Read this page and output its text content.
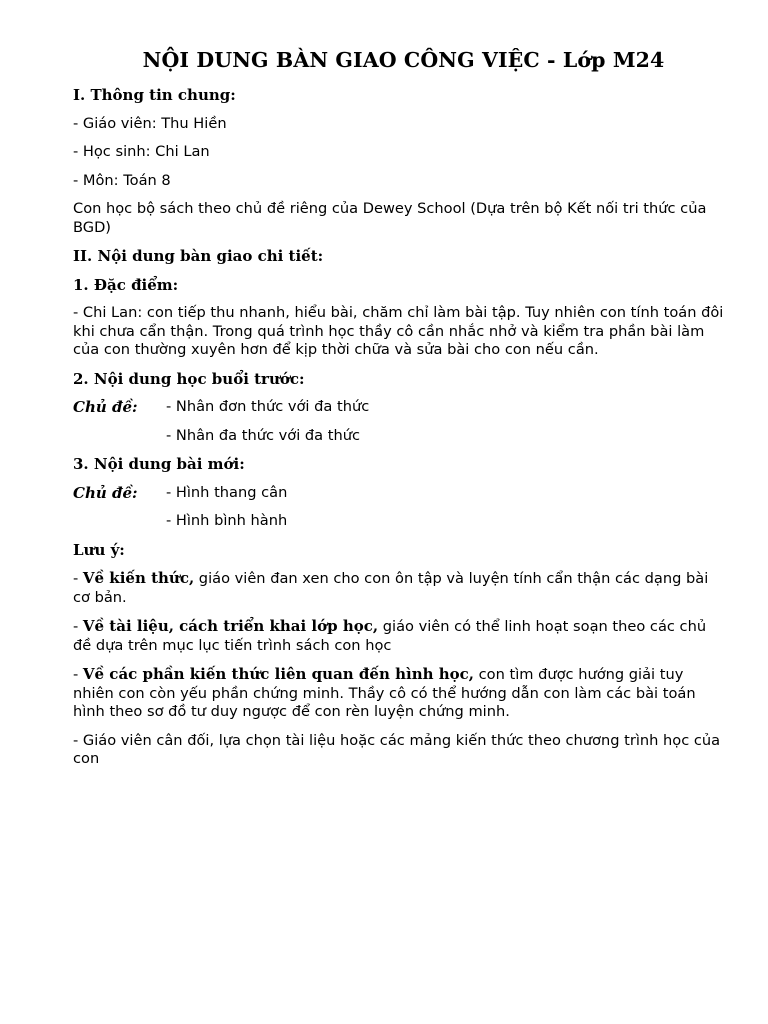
NỘI DUNG BÀN GIAO CÔNG VIỆC - Lớp M24
I. Thông tin chung:
- Giáo viên: Thu Hiền
- Học sinh: Chi Lan
- Môn: Toán 8
Con học bộ sách theo chủ đề riêng của Dewey School (Dựa trên bộ Kết nối tri thức của BGD)
II. Nội dung bàn giao chi tiết:
1. Đặc điểm:
- Chi Lan: con tiếp thu nhanh, hiểu bài, chăm chỉ làm bài tập. Tuy nhiên con tính toán đôi khi chưa cẩn thận. Trong quá trình học thầy cô cần nhắc nhở và kiểm tra phần bài làm của con thường xuyên hơn để kịp thời chữa và sửa bài cho con nếu cần.
2. Nội dung học buổi trước:
Chủ đề:	- Nhân đơn thức với đa thức
- Nhân đa thức với đa thức
3. Nội dung bài mới:
Chủ đề:	- Hình thang cân
- Hình bình hành
Lưu ý:
- Về kiến thức, giáo viên đan xen cho con ôn tập và luyện tính cẩn thận các dạng bài cơ bản.
- Về tài liệu, cách triển khai lớp học, giáo viên có thể linh hoạt soạn theo các chủ đề dựa trên mục lục tiến trình sách con học
- Về các phần kiến thức liên quan đến hình học, con tìm được hướng giải tuy nhiên con còn yếu phần chứng minh. Thầy cô có thể hướng dẫn con làm các bài toán hình theo sơ đồ tư duy ngược để con rèn luyện chứng minh.
- Giáo viên cân đối, lựa chọn tài liệu hoặc các mảng kiến thức theo chương trình học của con
